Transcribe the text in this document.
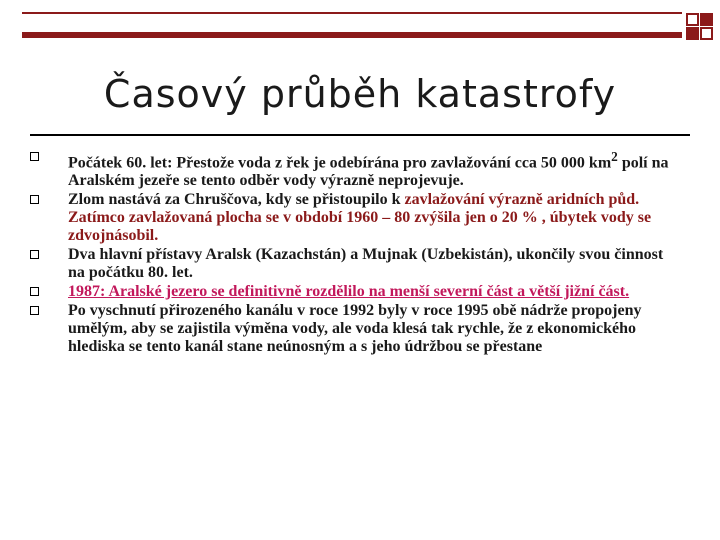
Časový průběh katastrofy
Počátek 60. let: Přestože voda z řek je odebírána pro zavlažování cca 50 000 $km^2$ polí na Aralském jezeře se tento odběr vody výrazně neprojevuje.
Zlom nastává za Chruščova, kdy se přistoupilo k zavlažování výrazně aridních půd. Zatímco zavlažovaná plocha se v období 1960 – 80 zvýšila jen o 20 % , úbytek vody se zdvojnásobil.
Dva hlavní přístavy Aralsk (Kazachstán) a Mujnak (Uzbekistán), ukončily svou činnost na počátku 80. let.
1987: Aralské jezero se definitivně rozdělilo na menší severní část a větší jižní část.
Po vyschnutí přirozeného kanálu v roce 1992 byly v roce 1995 obě nádrže propojeny umělým, aby se zajistila výměna vody, ale voda klesá tak rychle, že z ekonomického hlediska se tento kanál stane neúnosným a s jeho údržbou se přestane
